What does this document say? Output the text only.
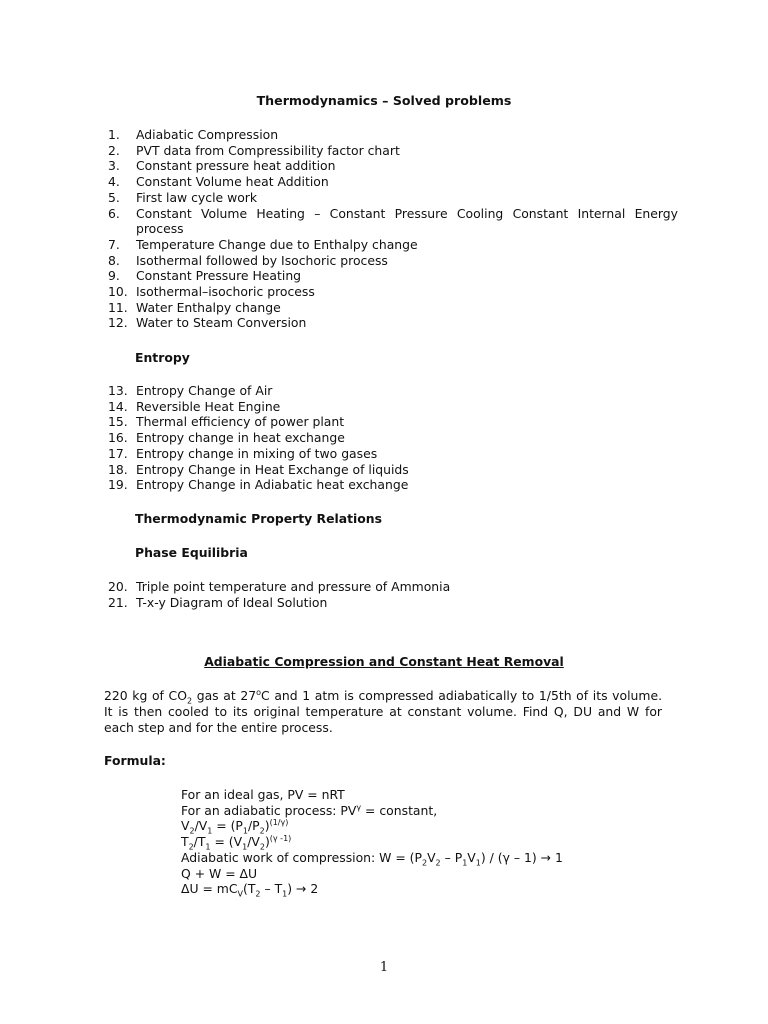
Thermodynamics – Solved problems
1.	Adiabatic Compression
2.	PVT data from Compressibility factor chart
3.	Constant pressure heat addition
4.	Constant Volume heat Addition
5.	First law cycle work
6.	Constant Volume Heating – Constant Pressure Cooling Constant Internal Energy process
7.	Temperature Change due to Enthalpy change
8.	Isothermal followed by Isochoric process
9.	Constant Pressure Heating
10. Isothermal–isochoric process
11. Water Enthalpy change
12. Water to Steam Conversion
Entropy
13. Entropy Change of Air
14. Reversible Heat Engine
15. Thermal efficiency of power plant
16. Entropy change in heat exchange
17. Entropy change in mixing of two gases
18. Entropy Change in Heat Exchange of liquids
19. Entropy Change in Adiabatic heat exchange
Thermodynamic Property Relations
Phase Equilibria
20. Triple point temperature and pressure of Ammonia
21. T-x-y Diagram of Ideal Solution
Adiabatic Compression and Constant Heat Removal

220 kg of $CO_2$ gas at 27$^o$C and 1 atm is compressed adiabatically to 1/5th of its volume. It is then cooled to its original temperature at constant volume. Find Q, DU and W for each step and for the entire process.

Formula:
For an ideal gas, PV = nRT
For an adiabatic process: $PV^\gamma$ = constant,
$V_2/V_1 = (P_1/P_2)^{(1/\gamma)}$
$T_2/T_1 = (V_1/V_2)^{(\gamma -1)}$
Adiabatic work of compression: $W = (P_2V_2 - P_1V_1) / (\gamma - 1) \to 1$
Q + W = ΔU
$\Delta U = mC_V(T_2 - T_1) \to 2$
1
